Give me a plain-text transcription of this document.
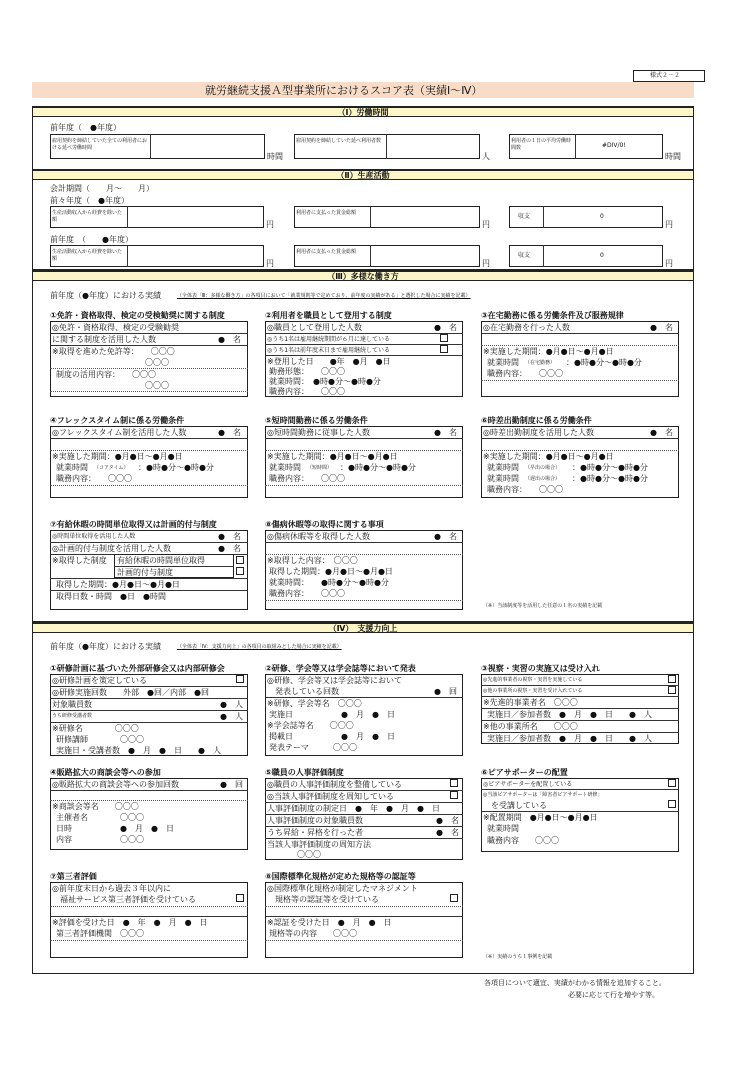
様式２－２
就労継続支援Ａ型事業所におけるスコア表（実績Ⅰ～Ⅳ）
（Ⅰ）労働時間
前年度（　●年度）
雇用契約を締結していた全ての利用者における延べ労働時間
時間
雇用契約を締結していた延べ利用者数
人
利用者の１日の平均労働時間数	#DIV/0!
時間
（Ⅱ）生産活動
会計期間（　　月～　　月）
前々年度（　●年度）
生産活動収入から経費を除いた額	円
利用者に支払った賃金総額
円
収支	0
円
前年度　（　　●年度）
生産活動収入から経費を除いた額	円
利用者に支払った賃金総額
円
収支	0
円
（Ⅲ）多様な働き方
前年度（●年度）における実績	（全体表「Ⅲ：多様な働き方」の各項目において「就業規則等で定めており、前年度の実績がある」と選択した場合に実績を記載）
①免許・資格取得、検定の受検勧奨に関する制度
◎免許・資格取得、検定の受験勧奨
に関する制度を活用した人数	●　名
※取得を進めた免許等：　　〇〇〇
〇〇〇
制度の活用内容：　　〇〇〇
〇〇〇
②利用者を職員として登用する制度
◎職員として登用した人数	●　名
◎うち1名は雇用継続期間が６月に達している
◎うち1名は前年度末日まで雇用継続している
※登用した日　　●年　●月　●日
勤務形態：　　〇〇〇
就業時間：　●時●分～●時●分
職務内容：　　〇〇〇
③在宅勤務に係る労働条件及び服務規律
◎在宅勤務を行った人数	●　名
※実施した期間：●月●日～●月●日
就業時間 （在宅勤務） ：●時●分～●時●分
職務内容：　　〇〇〇
④フレックスタイム制に係る労働条件
◎フレックスタイム制を活用した人数	●　名
※実施した期間：●月●日～●月●日
就業時間 （コアタイム） ：●時●分～●時●分
職務内容：　　〇〇〇
⑤短時間勤務に係る労働条件
◎短時間勤務に従事した人数	●　名
※実施した期間：●月●日～●月●日
就業時間 （短時間） ：●時●分～●時●分
職務内容：　　〇〇〇
⑥時差出勤制度に係る労働条件
◎時差出勤制度を活用した人数	●　名
※実施した期間：●月●日～●月●日
就業時間 （早出の場合） ：●時●分～●時●分
就業時間 （遅出の場合） ：●時●分～●時●分
職務内容：　　〇〇〇
⑦有給休暇の時間単位取得又は計画的付与制度
◎時間単位取得を活用した人数	●　名
◎計画的付与制度を活用した人数	●　名
※取得した制度 有給休暇の時間単位取得
計画的付与制度
取得した期間：●月●日～●月●日
取得日数・時間　●日　●時間
⑧傷病休暇等の取得に関する事項
◎傷病休暇等を取得した人数	●　名
※取得した内容：　〇〇〇
取得した期間：●月●日～●月●日
就業時間：　　●時●分～●時●分
職務内容：　　〇〇〇
（※）当該制度等を活用した任意の１名の実績を記載
（Ⅳ）　支援力向上
前年度（●年度）における実績	（全体表「Ⅳ：支援力向上」の各項目の取組みとした場合に実績を記載）
①研修計画に基づいた外部研修会又は内部研修会
◎研修計画を策定している
◎研修実施回数　　外部　●回／内部　●回
対象職員数	●　人
うち研修受講者数	●　人
※研修名　　　　〇〇〇
研修講師　　　　〇〇〇
実施日・受講者数　●　月　●　日　　●　人
②研修、学会等又は学会誌等において発表
◎研修、学会等又は学会誌等において
発表している回数	●　回
※研修、学会等名　〇〇〇
実施日　　　　　　●　月　●　日
※学会誌等名　　〇〇〇
掲載日　　　　　　●　月　●　日
発表テーマ　　　〇〇〇
③視察・実習の実施又は受け入れ
◎先進的事業者の視察・実習を実施している
◎他の事業所の視察・実習を受け入れている
※先進的事業者名　〇〇〇
実施日／参加者数　●　月　●　日　　●　人
※他の事業所名　　〇〇〇
実施日／参加者数　●　月　●　日　　●　人
④販路拡大の商談会等への参加
◎販路拡大の商談会等への参加回数	●　回
※商談会等名　　〇〇〇
主催者名　　　　〇〇〇
日時　　　　　　●　月　●　日
内容　　　　　　〇〇〇
⑤職員の人事評価制度
◎職員の人事評価制度を整備している
◎当該人事評価制度を周知している
人事評価制度の制定日　●　年　●　月　●　日
人事評価制度の対象職員数	●　名
うち昇給・昇格を行った者	●　名
当該人事評価制度の周知方法
〇〇〇
⑥ピアサポーターの配置
◎ピアサポーターを配置している
◎当該ピアサポーターは「障害者ピアサポート研修」
を受講している
※配置期間　●月●日～●月●日
就業時間
職務内容　　〇〇〇
⑦第三者評価
◎前年度末日から過去３年以内に
福祉サービス第三者評価を受けている
※評価を受けた日　●　年　●　月　●　日
第三者評価機関　〇〇〇
⑧国際標準化規格が定めた規格等の認証等
◎国際標準化規格が制定したマネジメント
規格等の認証等を受けている
※認証を受けた日　●　月　●　日
規格等の内容　　〇〇〇
（※）実績のうち１事例を記載
各項目について適宜、実績がわかる情報を追加すること。
必要に応じて行を増やす等。
